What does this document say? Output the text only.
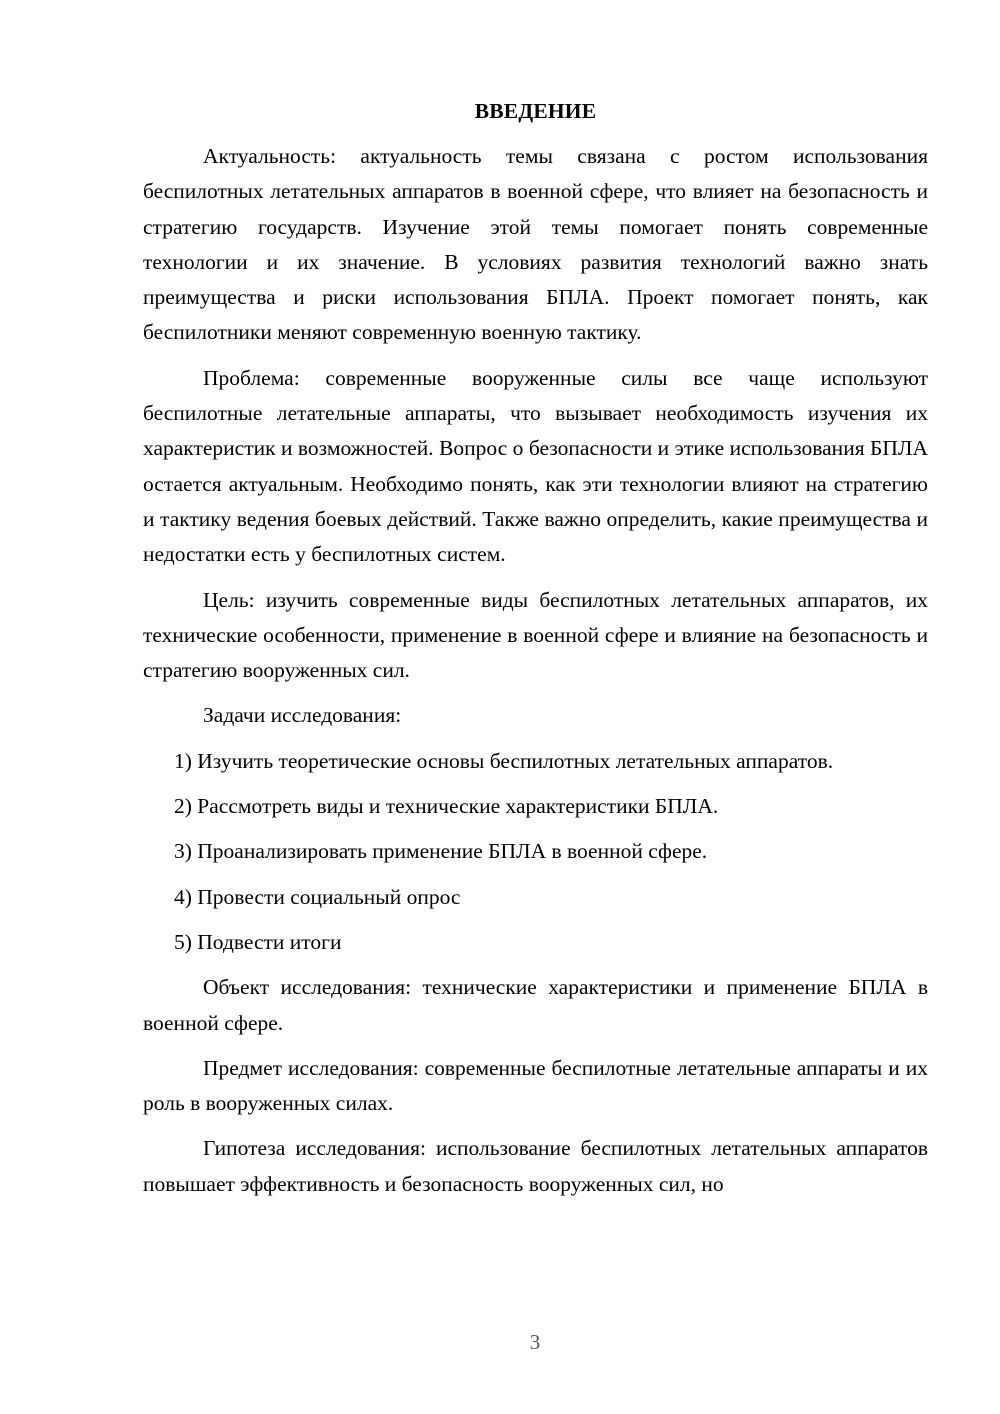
ВВЕДЕНИЕ

Актуальность: актуальность темы связана с ростом использования беспилотных летательных аппаратов в военной сфере, что влияет на безопасность и стратегию государств. Изучение этой темы помогает понять современные технологии и их значение. В условиях развития технологий важно знать преимущества и риски использования БПЛА. Проект помогает понять, как беспилотники меняют современную военную тактику.

Проблема: современные вооруженные силы все чаще используют беспилотные летательные аппараты, что вызывает необходимость изучения их характеристик и возможностей. Вопрос о безопасности и этике использования БПЛА остается актуальным. Необходимо понять, как эти технологии влияют на стратегию и тактику ведения боевых действий. Также важно определить, какие преимущества и недостатки есть у беспилотных систем.

Цель: изучить современные виды беспилотных летательных аппаратов, их технические особенности, применение в военной сфере и влияние на безопасность и стратегию вооруженных сил.

Задачи исследования:

1) Изучить теоретические основы беспилотных летательных аппаратов.

2) Рассмотреть виды и технические характеристики БПЛА.

3) Проанализировать применение БПЛА в военной сфере.

4) Провести социальный опрос

5) Подвести итоги

Объект исследования: технические характеристики и применение БПЛА в военной сфере.

Предмет исследования: современные беспилотные летательные аппараты и их роль в вооруженных силах.

Гипотеза исследования: использование беспилотных летательных аппаратов повышает эффективность и безопасность вооруженных сил, но

3
